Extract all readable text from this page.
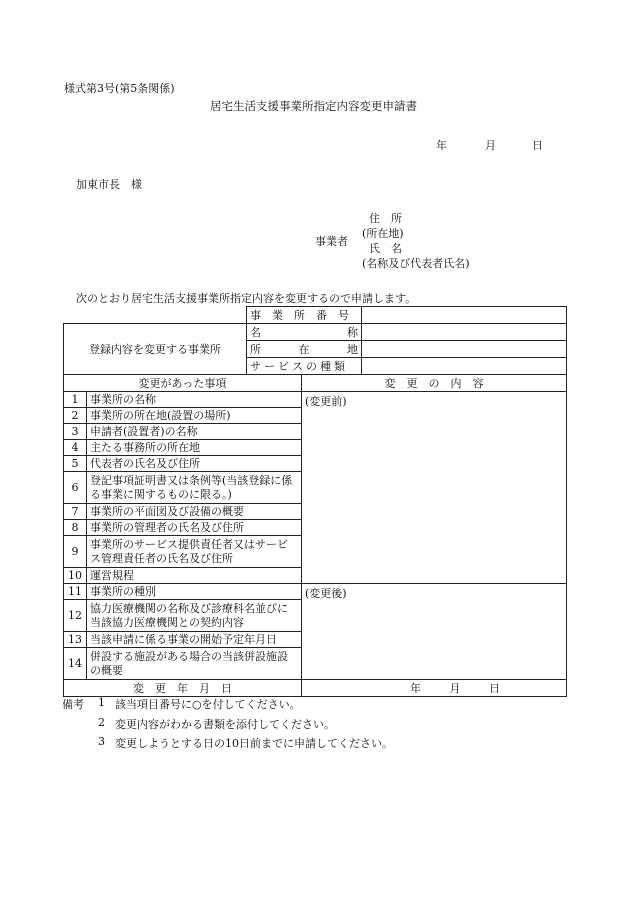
様式第3号(第5条関係)
居宅生活支援事業所指定内容変更申請書
年	月	日
加東市長　様
事業者
住　所
(所在地)
氏　名
(名称及び代表者氏名)
次のとおり居宅生活支援事業所指定内容を変更するので申請します。
		事　業　所　番　号		
登録内容を変更する事業所		名 称		

		所 在 地		

		サービスの種類		
変更があった事項			変　更　の　内　容	
1	事業所の名称		(変更前)	
2	事業所の所在地(設置の場所)			
3	申請者(設置者)の名称			
4	主たる事務所の所在地			
5	代表者の氏名及び住所			
6	登記事項証明書又は条例等(当該登録に係る事業に関するものに限る。)			
7	事業所の平面図及び設備の概要			
8	事業所の管理者の氏名及び住所			
9	事業所のサービス提供責任者又はサービス管理責任者の氏名及び住所			
10	運営規程			
11	事業所の種別		(変更後)	
12	協力医療機関の名称及び診療科名並びに当該協力医療機関との契約内容			
13	当該申請に係る事業の開始予定年月日			
14	併設する施設がある場合の当該併設施設の概要			
変　更　年　月　日			年 月 日	
備考 1 該当項目番号に○を付してください。
2 変更内容がわかる書類を添付してください。
3 変更しようとする日の10日前までに申請してください。
